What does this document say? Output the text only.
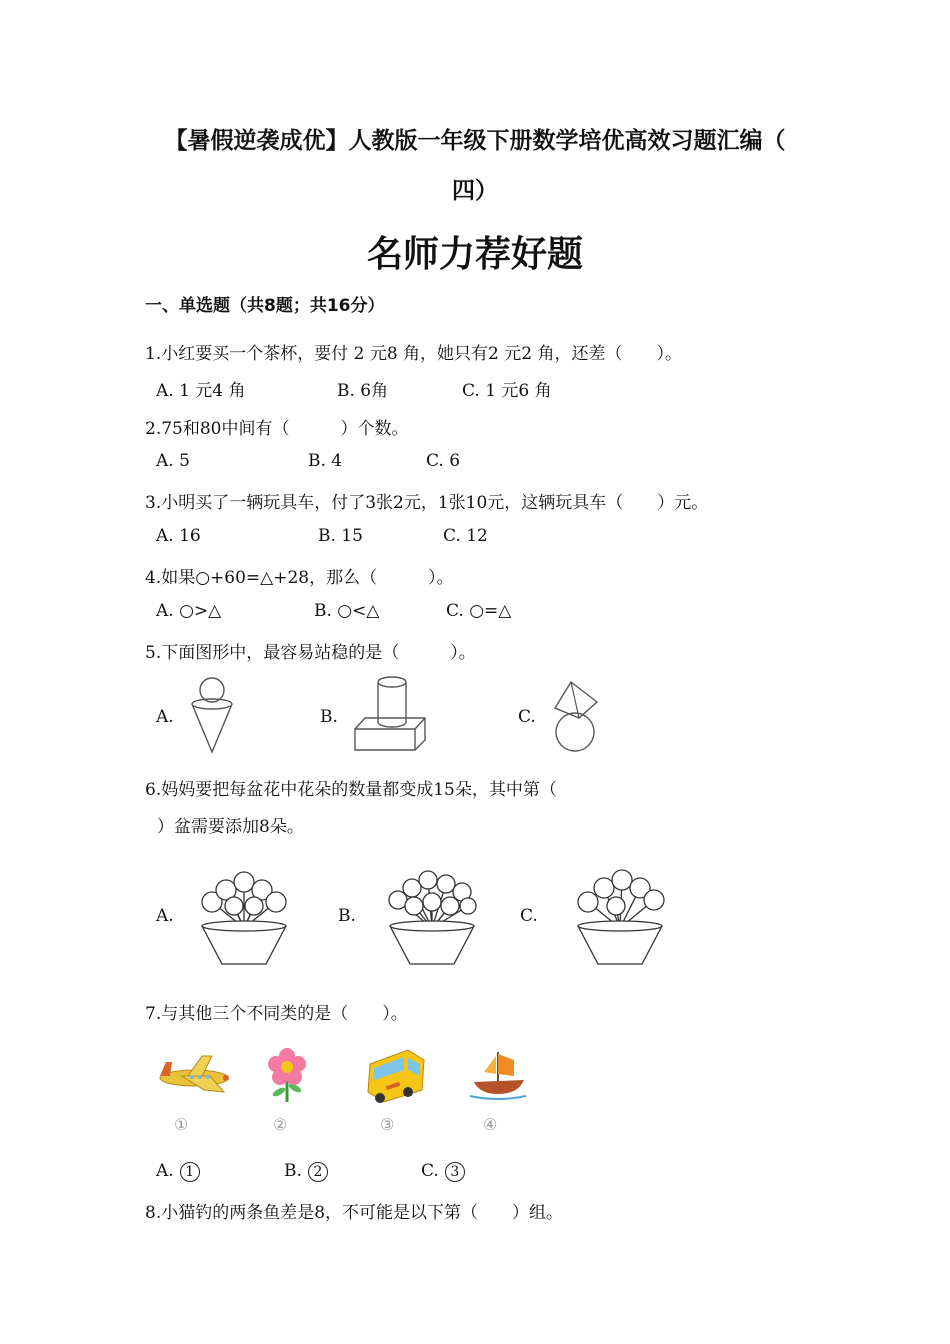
【暑假逆袭成优】人教版一年级下册数学培优高效习题汇编（
四）
名师力荐好题
一、单选题（共8题；共16分）
1.小红要买一个茶杯，要付 2 元8 角，她只有2 元2 角，还差（　　）。
A. 1 元4 角	B. 6角	C. 1 元6 角
2.75和80中间有（　　　）个数。
A. 5	B. 4	C. 6
3.小明买了一辆玩具车，付了3张2元，1张10元，这辆玩具车（　　）元。
A. 16	B. 15	C. 12
4.如果○+60=△+28，那么（　　　）。
A. ○>△	B. ○<△	C. ○=△
5.下面图形中，最容易站稳的是（　　　）。
A.	B.	C.
6.妈妈要把每盆花中花朵的数量都变成15朵，其中第（
）盆需要添加8朵。
A.	B.	C.
7.与其他三个不同类的是（　　）。
①	②	③	④
A. 1	B. 2	C. 3
8.小猫钓的两条鱼差是8，不可能是以下第（　　）组。
